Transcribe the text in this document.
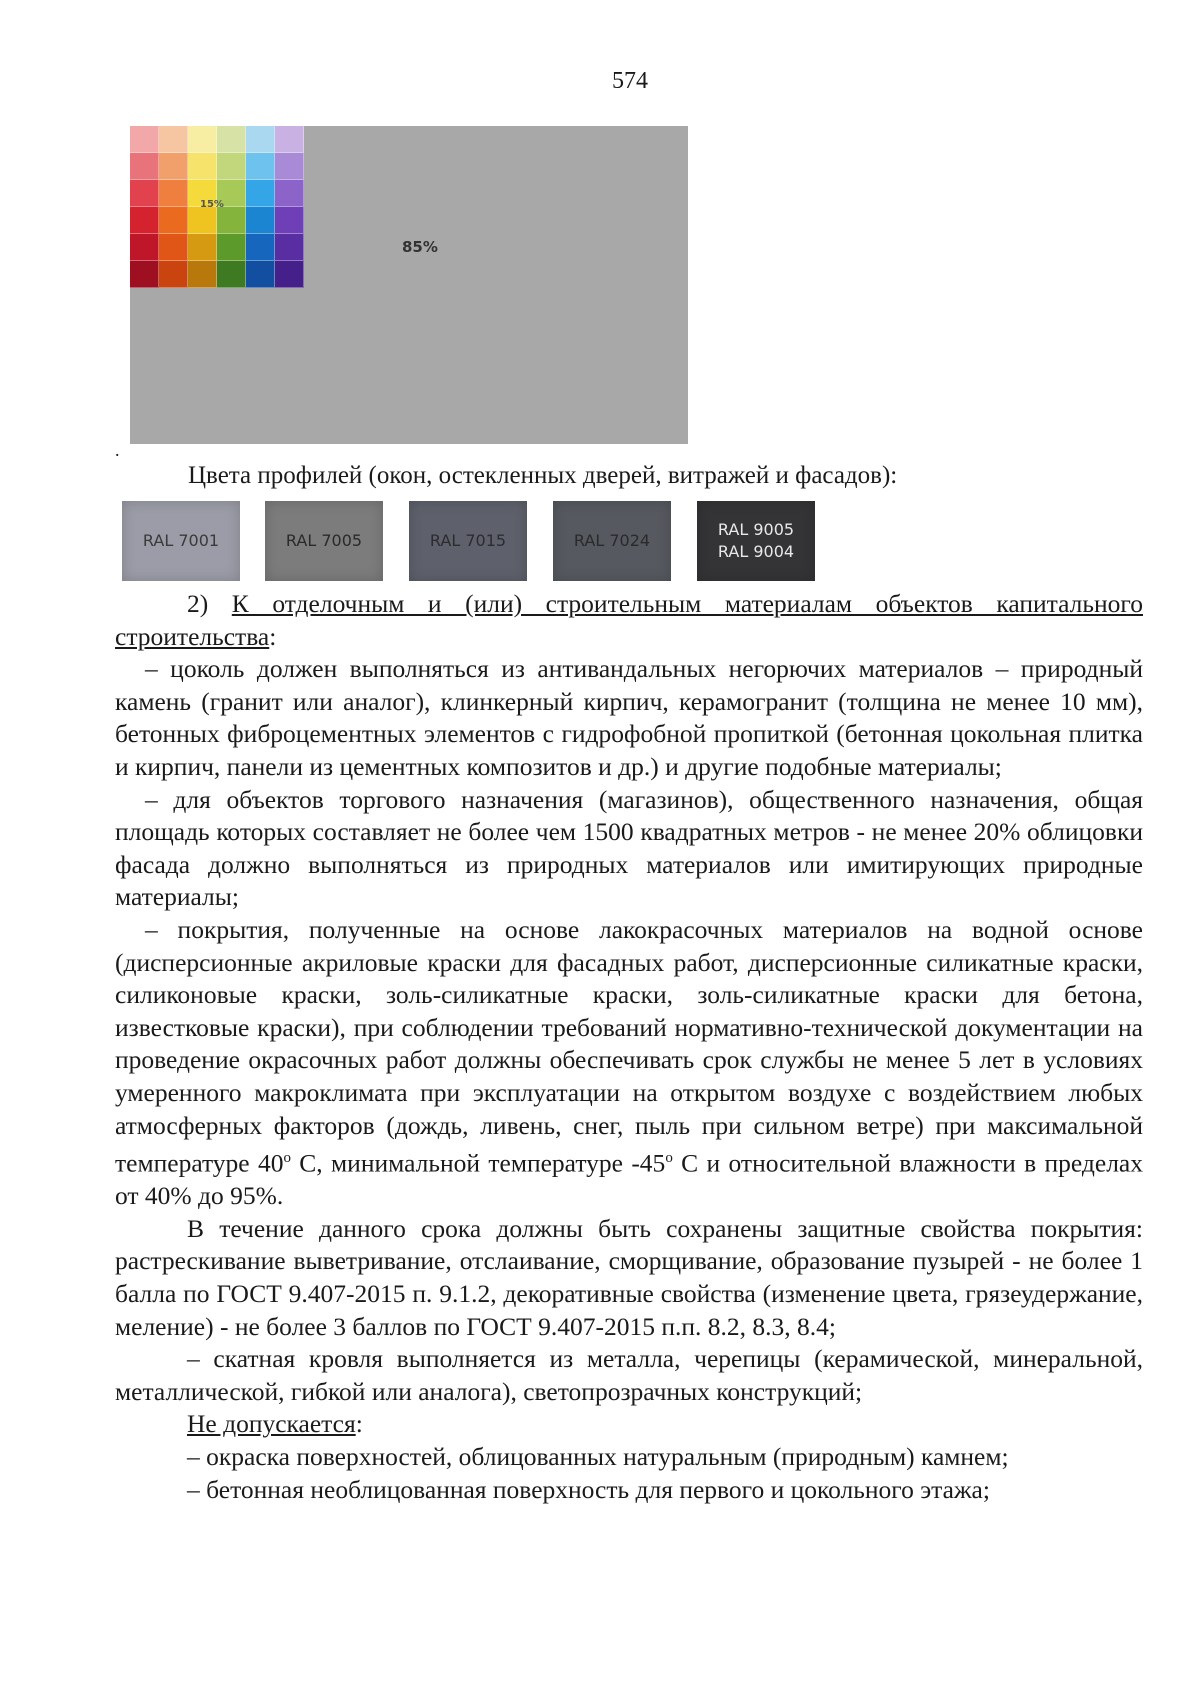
574
15%
85%
.
Цвета профилей (окон, остекленных дверей, витражей и фасадов):
RAL 7001	RAL 7005	RAL 7015	RAL 7024
RAL 9005
RAL 9004

2) К отделочным и (или) строительным материалам объектов капитального строительства:

– цоколь должен выполняться из антивандальных негорючих материалов – природный камень (гранит или аналог), клинкерный кирпич, керамогранит (толщина не менее 10 мм), бетонных фиброцементных элементов с гидрофобной пропиткой (бетонная цокольная плитка и кирпич, панели из цементных композитов и др.) и другие подобные материалы;

– для объектов торгового назначения (магазинов), общественного назначения, общая площадь которых составляет не более чем 1500 квадратных метров - не менее 20% облицовки фасада должно выполняться из природных материалов или имитирующих природные материалы;

– покрытия, полученные на основе лакокрасочных материалов на водной основе (дисперсионные акриловые краски для фасадных работ, дисперсионные силикатные краски, силиконовые краски, золь-силикатные краски, золь-силикатные краски для бетона, известковые краски), при соблюдении требований нормативно-технической документации на проведение окрасочных работ должны обеспечивать срок службы не менее 5 лет в условиях умеренного макроклимата при эксплуатации на открытом воздухе с воздействием любых атмосферных факторов (дождь, ливень, снег, пыль при сильном ветре) при максимальной температуре $40^о$ С, минимальной температуре $-45^о$ С и относительной влажности в пределах от 40% до 95%.

В течение данного срока должны быть сохранены защитные свойства покрытия: растрескивание выветривание, отслаивание, сморщивание, образование пузырей - не более 1 балла по ГОСТ 9.407-2015 п. 9.1.2, декоративные свойства (изменение цвета, грязеудержание, меление) - не более 3 баллов по ГОСТ 9.407-2015 п.п. 8.2, 8.3, 8.4;

– скатная кровля выполняется из металла, черепицы (керамической, минеральной, металлической, гибкой или аналога), светопрозрачных конструкций;

Не допускается:

– окраска поверхностей, облицованных натуральным (природным) камнем;

– бетонная необлицованная поверхность для первого и цокольного этажа;
